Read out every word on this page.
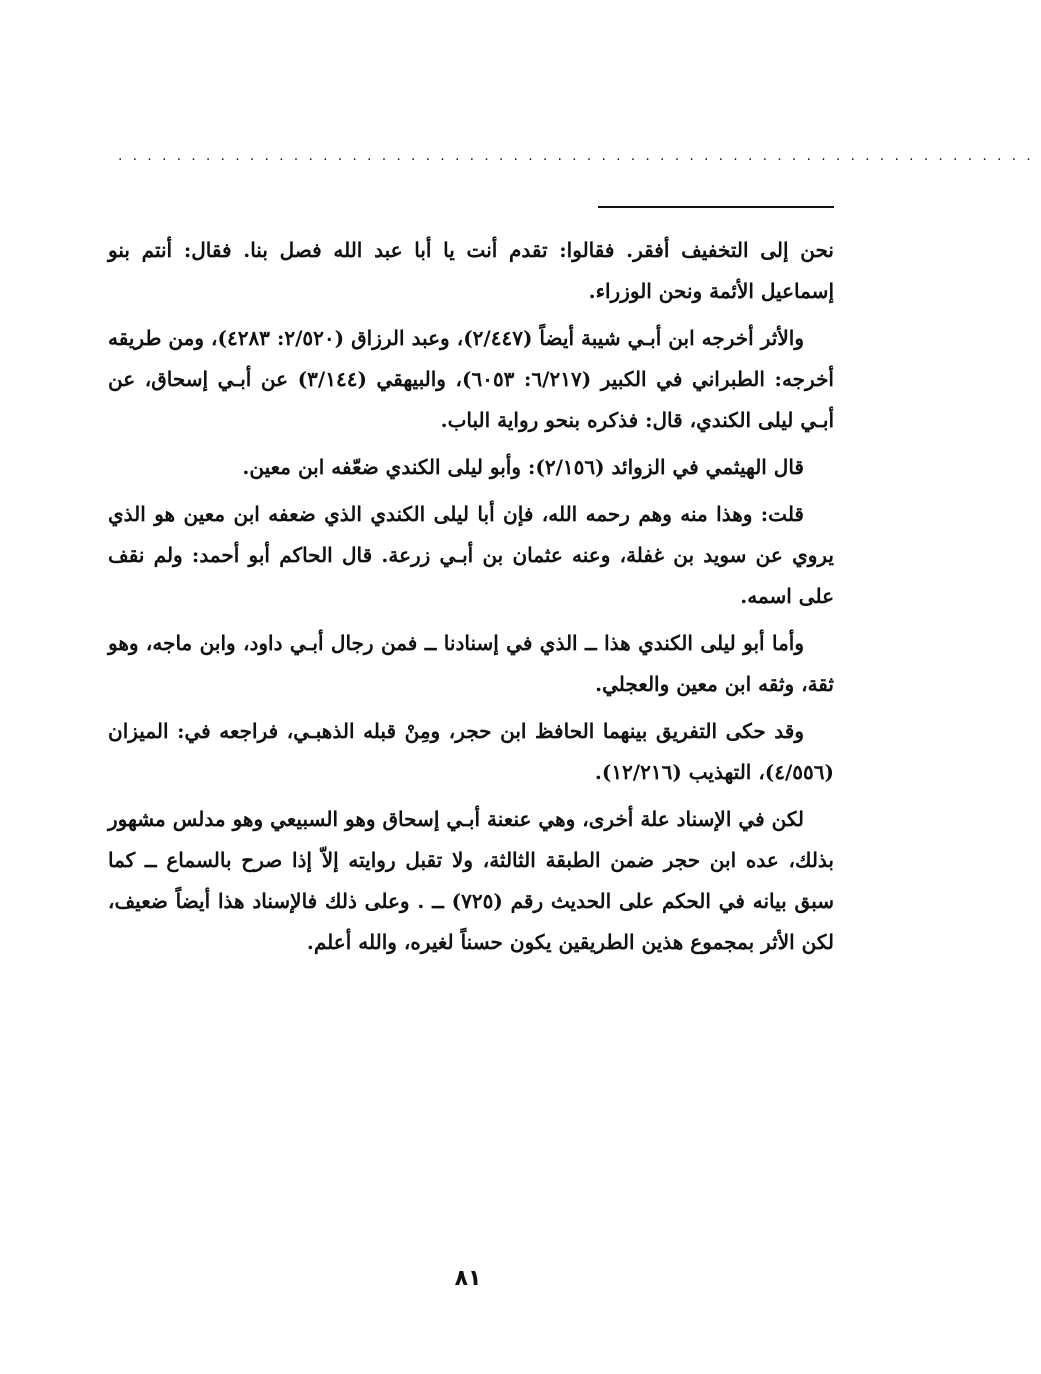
...............................................................

نحن إلى التخفيف أفقر. فقالوا: تقدم أنت يا أبا عبد الله فصل بنا. فقال: أنتم بنو إسماعيل الأئمة ونحن الوزراء.

والأثر أخرجه ابن أبـي شيبة أيضاً (٢/٤٤٧)، وعبد الرزاق (٢/٥٢٠: ٤٢٨٣)، ومن طريقه أخرجه: الطبراني في الكبير (٦/٢١٧: ٦٠٥٣)، والبيهقي (٣/١٤٤) عن أبـي إسحاق، عن أبـي ليلى الكندي، قال: فذكره بنحو رواية الباب.

قال الهيثمي في الزوائد (٢/١٥٦): وأبو ليلى الكندي ضعّفه ابن معين.

قلت: وهذا منه وهم رحمه الله، فإن أبا ليلى الكندي الذي ضعفه ابن معين هو الذي يروي عن سويد بن غفلة، وعنه عثمان بن أبـي زرعة. قال الحاكم أبو أحمد: ولم نقف على اسمه.

وأما أبو ليلى الكندي هذا ــ الذي في إسنادنا ــ فمن رجال أبـي داود، وابن ماجه، وهو ثقة، وثقه ابن معين والعجلي.

وقد حكى التفريق بينهما الحافظ ابن حجر، ومِنْ قبله الذهبـي، فراجعه في: الميزان (٤/٥٥٦)، التهذيب (١٢/٢١٦).

لكن في الإسناد علة أخرى، وهي عنعنة أبـي إسحاق وهو السبيعي وهو مدلس مشهور بذلك، عده ابن حجر ضمن الطبقة الثالثة، ولا تقبل روايته إلاّ إذا صرح بالسماع ــ كما سبق بيانه في الحكم على الحديث رقم (٧٢٥) ــ . وعلى ذلك فالإسناد هذا أيضاً ضعيف، لكن الأثر بمجموع هذين الطريقين يكون حسناً لغيره، والله أعلم.

٨١
